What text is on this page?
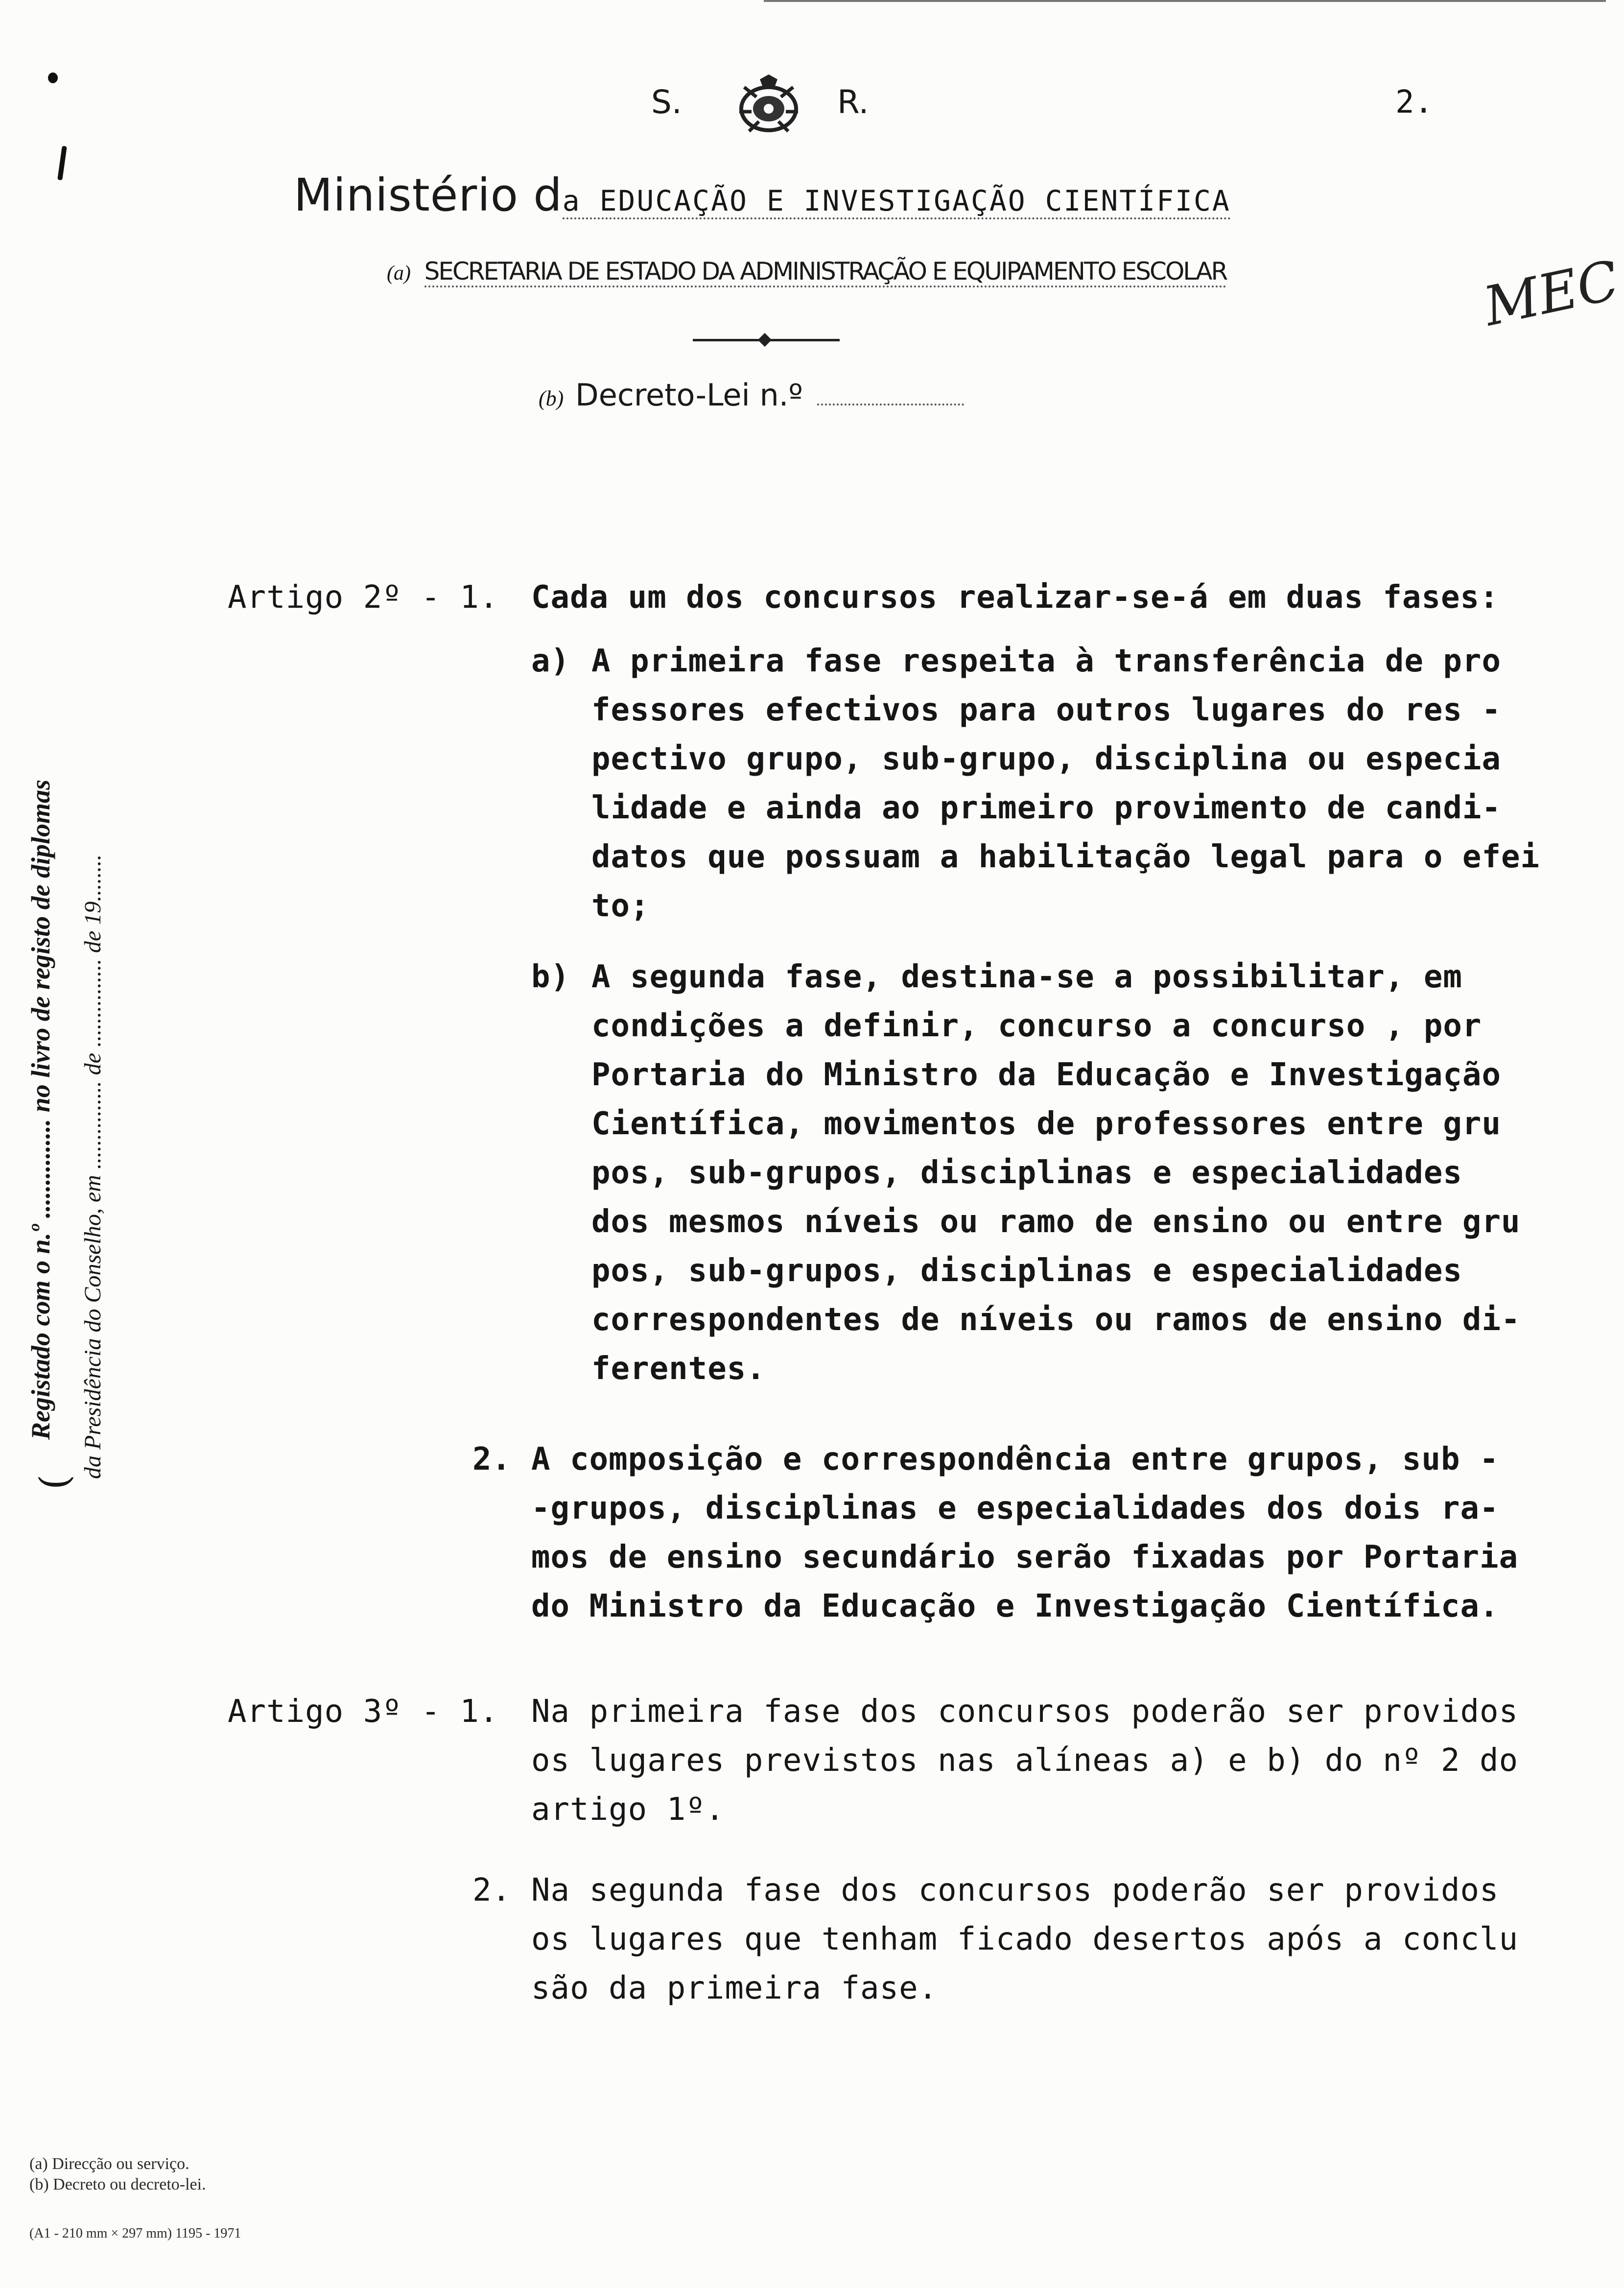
S.	R.	2.
Ministério da EDUCAÇÃO E INVESTIGAÇÃO CIENTÍFICA
(a) SECRETARIA DE ESTADO DA ADMINISTRAÇÃO E EQUIPAMENTO ESCOLAR	MEC
(b) Decreto-Lei n.º
Registado com o n.º ............... no livro de registo de diplomas da Presidência do Conselho, em ............... de ............... de 19........
(
Artigo 2º - 1. Cada um dos concursos realizar-se-á em duas fases:
a) A primeira fase respeita à transferência de pro
fessores efectivos para outros lugares do res -
pectivo grupo, sub-grupo, disciplina ou especia
lidade e ainda ao primeiro provimento de candi-
datos que possuam a habilitação legal para o efei
to;
b) A segunda fase, destina-se a possibilitar, em
condições a definir, concurso a concurso , por
Portaria do Ministro da Educação e Investigação
Científica, movimentos de professores entre gru
pos, sub-grupos, disciplinas e especialidades
dos mesmos níveis ou ramo de ensino ou entre gru
pos, sub-grupos, disciplinas e especialidades
correspondentes de níveis ou ramos de ensino di-
ferentes.
2. A composição e correspondência entre grupos, sub -
-grupos, disciplinas e especialidades dos dois ra-
mos de ensino secundário serão fixadas por Portaria
do Ministro da Educação e Investigação Científica.
Artigo 3º - 1. Na primeira fase dos concursos poderão ser providos
os lugares previstos nas alíneas a) e b) do nº 2 do
artigo 1º.
2. Na segunda fase dos concursos poderão ser providos
os lugares que tenham ficado desertos após a conclu
são da primeira fase.
(a) Direcção ou serviço.
(b) Decreto ou decreto-lei.
(A1 - 210 mm × 297 mm) 1195 - 1971
